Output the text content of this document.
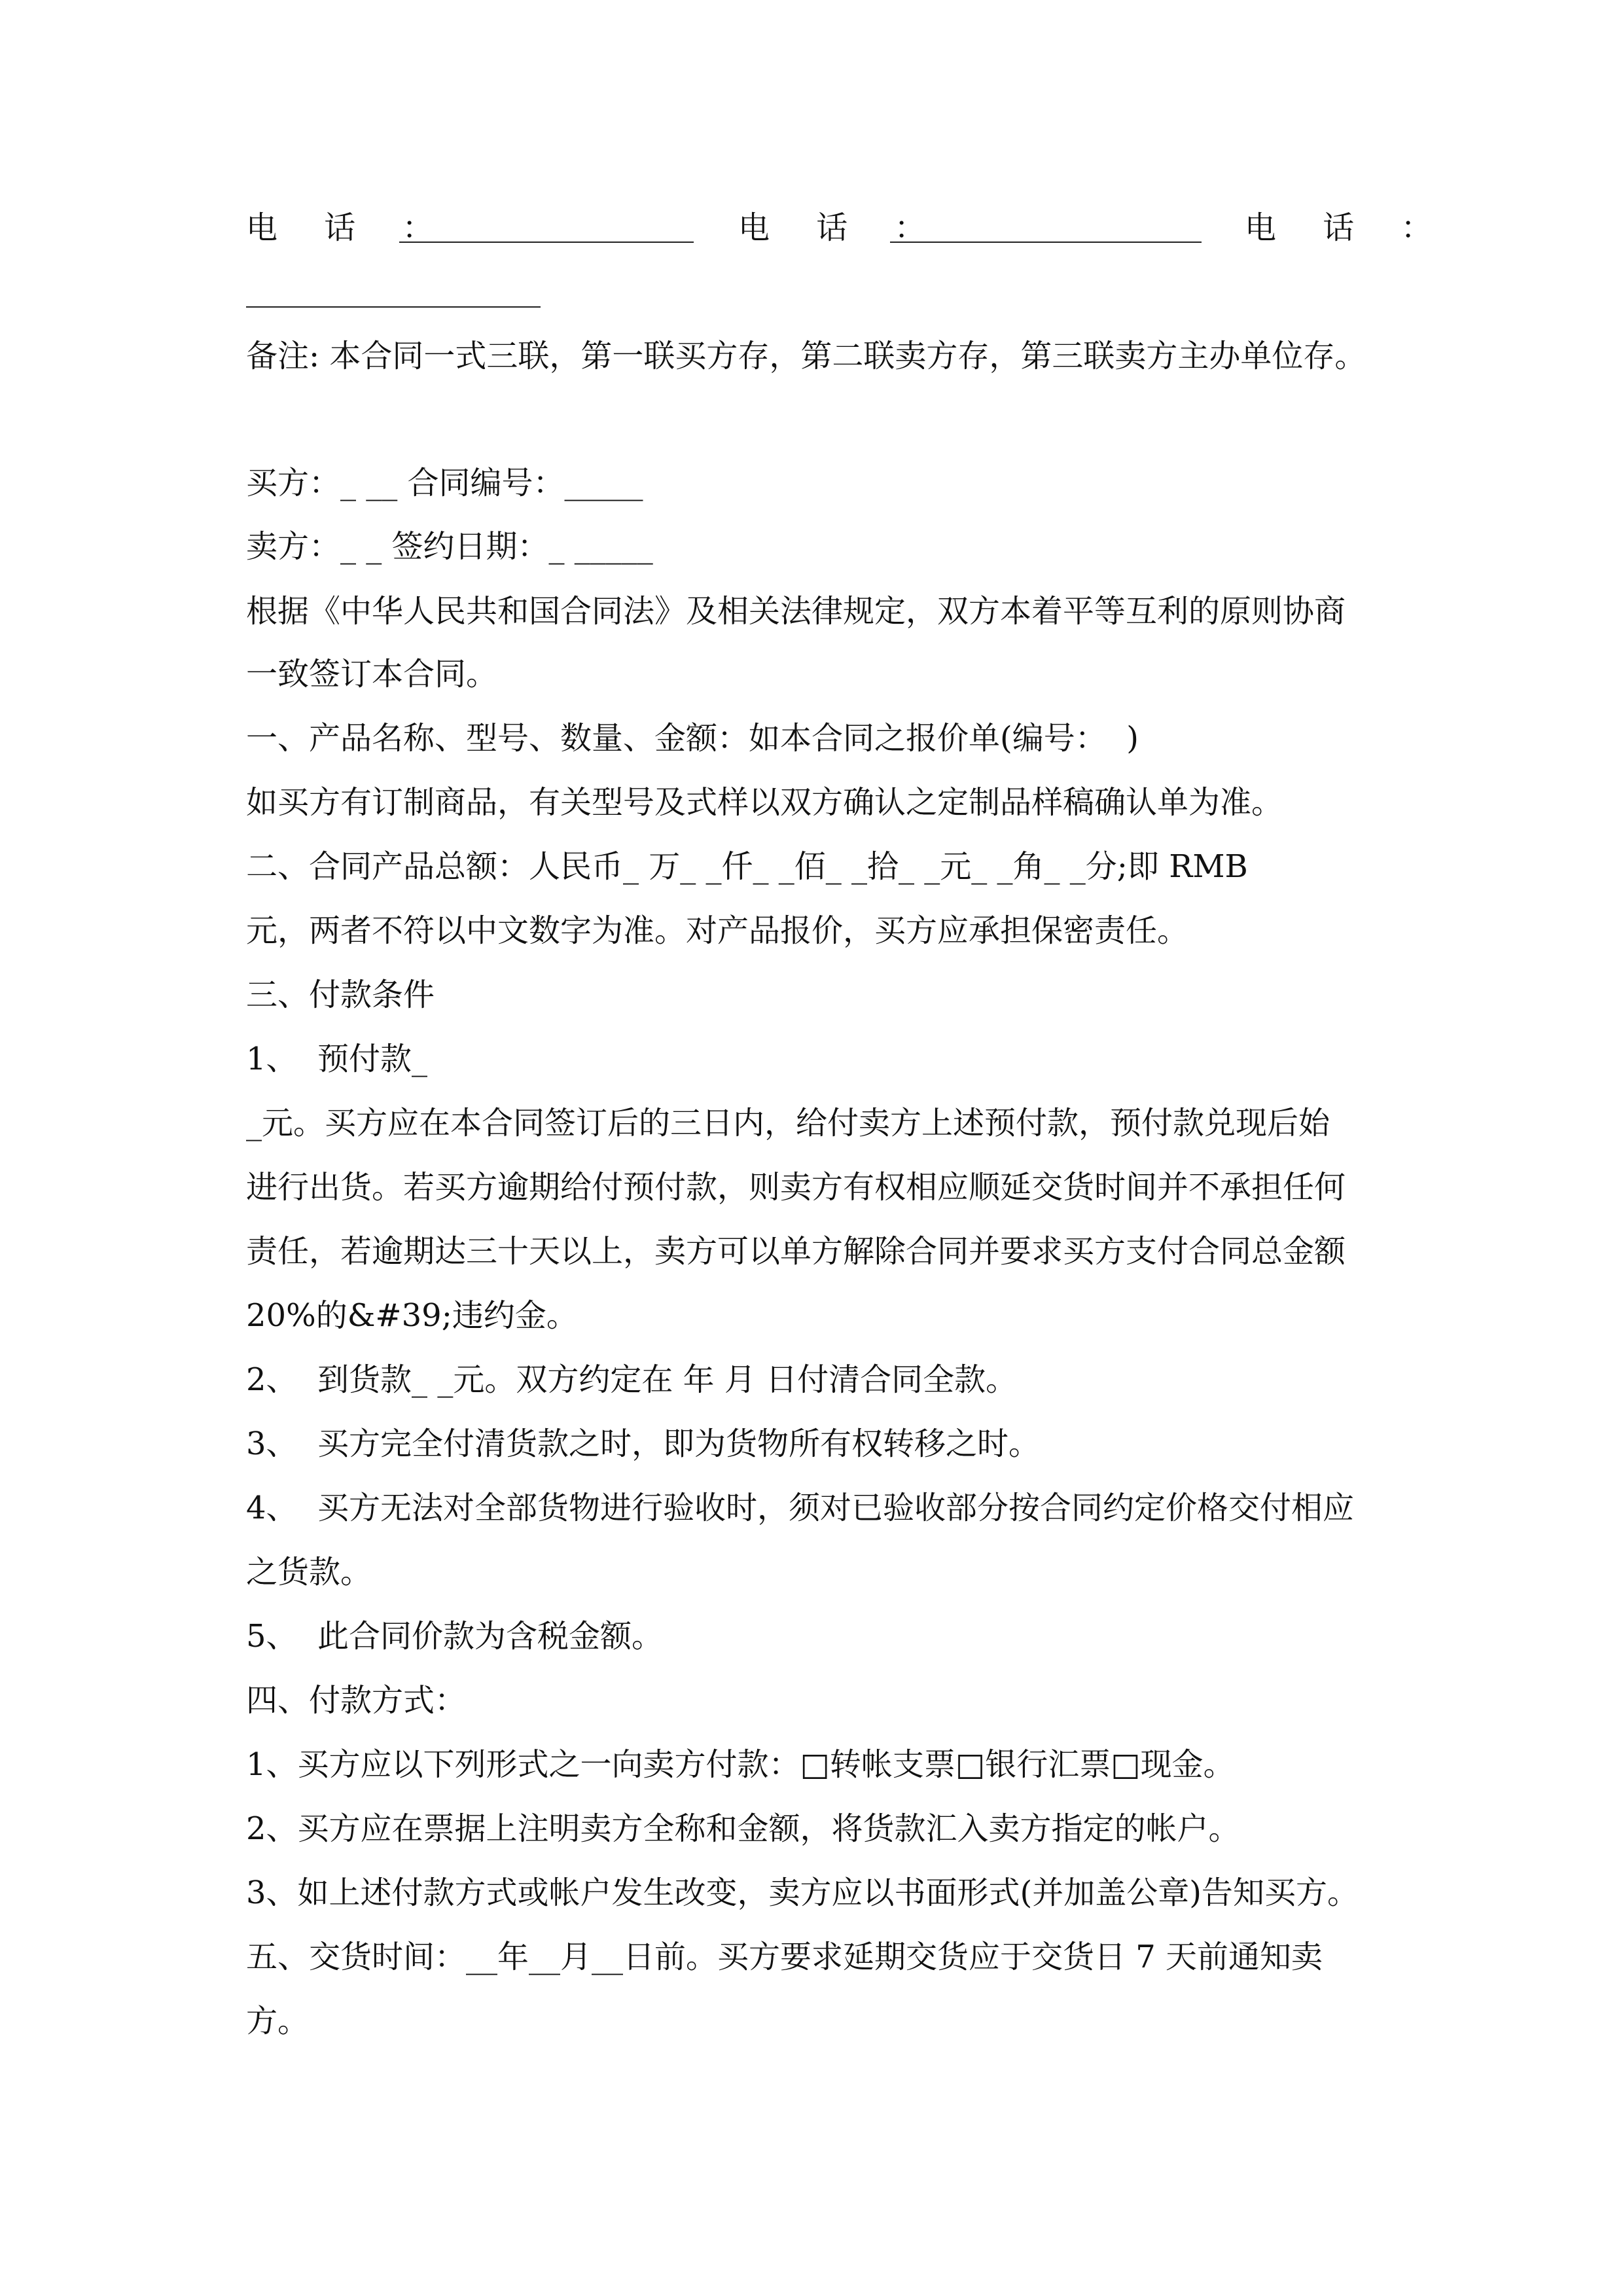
电 话 ：	电 话 ：	电 话 ：
备注: 本合同一式三联，第一联买方存，第二联卖方存，第三联卖方主办单位存。
买方：_ __ 合同编号：_____
卖方：_ _ 签约日期：_ _____
根据《中华人民共和国合同法》及相关法律规定，双方本着平等互利的原则协商
一致签订本合同。
一、产品名称、型号、数量、金额：如本合同之报价单(编号：  )
如买方有订制商品，有关型号及式样以双方确认之定制品样稿确认单为准。
二、合同产品总额：人民币_ 万_ _仟_ _佰_ _拾_ _元_ _角_ _分;即 RMB
元，两者不符以中文数字为准。对产品报价，买方应承担保密责任。
三、付款条件
1、  预付款_
_元。买方应在本合同签订后的三日内，给付卖方上述预付款，预付款兑现后始
进行出货。若买方逾期给付预付款，则卖方有权相应顺延交货时间并不承担任何
责任，若逾期达三十天以上，卖方可以单方解除合同并要求买方支付合同总金额
20%的&#39;违约金。
2、  到货款_ _元。双方约定在 年 月 日付清合同全款。
3、  买方完全付清货款之时，即为货物所有权转移之时。
4、  买方无法对全部货物进行验收时，须对已验收部分按合同约定价格交付相应
之货款。
5、  此合同价款为含税金额。
四、付款方式：
1、买方应以下列形式之一向卖方付款：□转帐支票□银行汇票□现金。
2、买方应在票据上注明卖方全称和金额，将货款汇入卖方指定的帐户。
3、如上述付款方式或帐户发生改变，卖方应以书面形式(并加盖公章)告知买方。
五、交货时间：__年__月__日前。买方要求延期交货应于交货日 7 天前通知卖
方。
